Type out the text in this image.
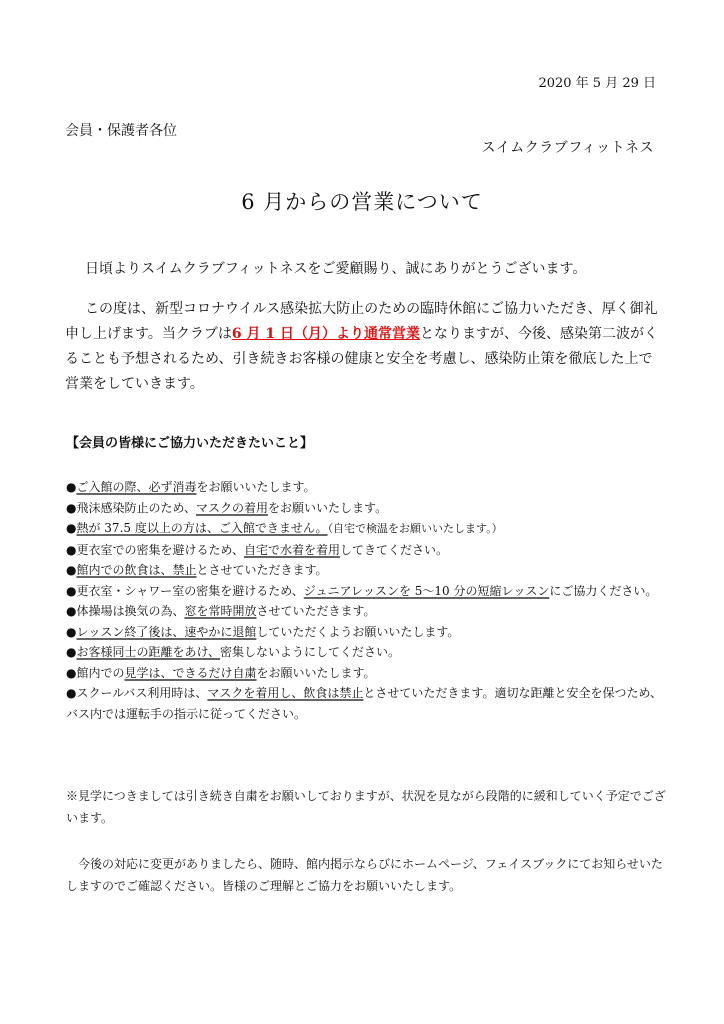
2020 年 5 月 29 日
会員・保護者各位
スイムクラブフィットネス
6 月からの営業について
日頃よりスイムクラブフィットネスをご愛顧賜り、誠にありがとうございます。
この度は、新型コロナウイルス感染拡大防止のための臨時休館にご協力いただき、厚く御礼申し上げます。当クラブは6 月 1 日（月）より通常営業となりますが、今後、感染第二波がくることも予想されるため、引き続きお客様の健康と安全を考慮し、感染防止策を徹底した上で営業をしていきます。
【会員の皆様にご協力いただきたいこと】
●ご入館の際、必ず消毒をお願いいたします。
●飛沫感染防止のため、マスクの着用をお願いいたします。
●熱が 37.5 度以上の方は、ご入館できません。（自宅で検温をお願いいたします。）
●更衣室での密集を避けるため、自宅で水着を着用してきてください。
●館内での飲食は、禁止とさせていただきます。
●更衣室・シャワー室の密集を避けるため、ジュニアレッスンを 5～10 分の短縮レッスンにご協力ください。
●体操場は換気の為、窓を常時開放させていただきます。
●レッスン終了後は、速やかに退館していただくようお願いいたします。
●お客様同士の距離をあけ、密集しないようにしてください。
●館内での見学は、できるだけ自粛をお願いいたします。
●スクールバス利用時は、マスクを着用し、飲食は禁止とさせていただきます。適切な距離と安全を保つため、バス内では運転手の指示に従ってください。
※見学につきましては引き続き自粛をお願いしておりますが、状況を見ながら段階的に緩和していく予定でございます。
今後の対応に変更がありましたら、随時、館内掲示ならびにホームページ、フェイスブックにてお知らせいたしますのでご確認ください。皆様のご理解とご協力をお願いいたします。
